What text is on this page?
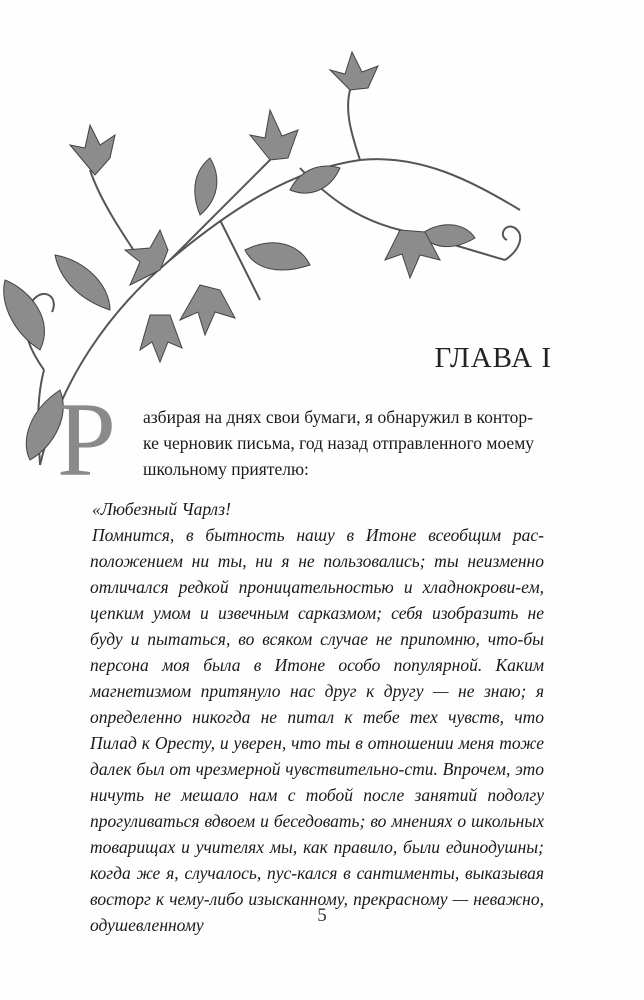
ГЛАВА I
Р	азбирая на днях свои бумаги, я обнаружил в контор-
ке черновик письма, год назад отправленного моему
школьному приятелю:
«Любезный Чарлз!

Помнится, в бытность нашу в Итоне всеобщим рас-положением ни ты, ни я не пользовались; ты неизменно отличался редкой проницательностью и хладнокрови-ем, цепким умом и извечным сарказмом; себя изобразить не буду и пытаться, во всяком случае не припомню, что-бы персона моя была в Итоне особо популярной. Каким магнетизмом притянуло нас друг к другу — не знаю; я определенно никогда не питал к тебе тех чувств, что Пилад к Оресту, и уверен, что ты в отношении меня тоже далек был от чрезмерной чувствительно-сти. Впрочем, это ничуть не мешало нам с тобой после занятий подолгу прогуливаться вдвоем и беседовать; во мнениях о школьных товарищах и учителях мы, как правило, были единодушны; когда же я, случалось, пус-кался в сантименты, выказывая восторг к чему-либо изысканному, прекрасному — неважно, одушевленному	5
